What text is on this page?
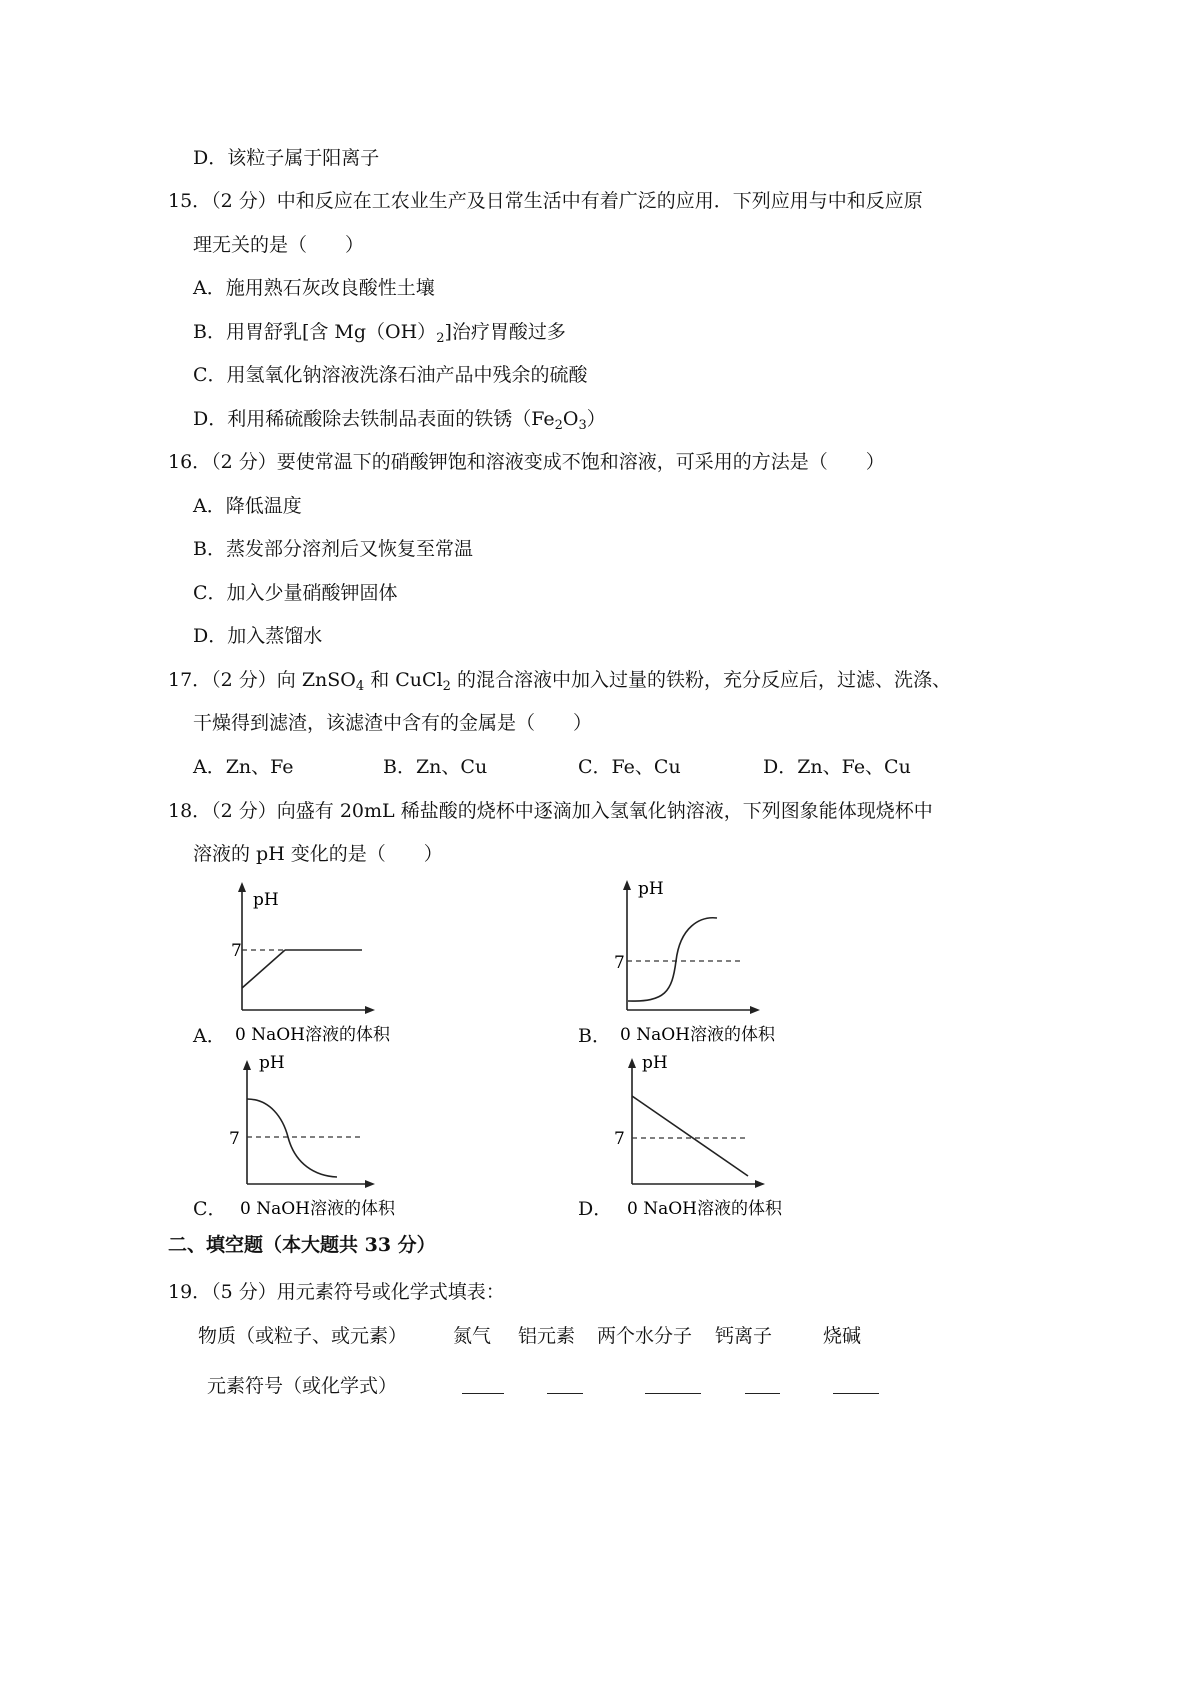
D．该粒子属于阳离子
15．（2 分）中和反应在工农业生产及日常生活中有着广泛的应用．下列应用与中和反应原
理无关的是（　　）
A．施用熟石灰改良酸性土壤
B．用胃舒乳[含 $Mg(OH)_2$]治疗胃酸过多
C．用氢氧化钠溶液洗涤石油产品中残余的硫酸
D．利用稀硫酸除去铁制品表面的铁锈$(Fe_2O_3)$
16．（2 分）要使常温下的硝酸钾饱和溶液变成不饱和溶液，可采用的方法是（　　）
A．降低温度
B．蒸发部分溶剂后又恢复至常温
C．加入少量硝酸钾固体
D．加入蒸馏水
17．（2 分）向 ZnSO$_4$ 和 CuCl$_2$ 的混合溶液中加入过量的铁粉，充分反应后，过滤、洗涤、
干燥得到滤渣，该滤渣中含有的金属是（　　）
A．Zn、Fe	B．Zn、Cu	C．Fe、Cu	D．Zn、Fe、Cu
18．（2 分）向盛有 20mL 稀盐酸的烧杯中逐滴加入氢氧化钠溶液，下列图象能体现烧杯中
溶液的 pH 变化的是（　　）
A．
pH
7
0 NaOH溶液的体积	B．
pH
7
0 NaOH溶液的体积
C．
pH
7
0 NaOH溶液的体积	D．
pH
7
0 NaOH溶液的体积
二、填空题（本大题共 33 分）
19．（5 分）用元素符号或化学式填表：
物质（或粒子、或元素） 氮气 铝元素 两个水分子 钙离子	烧碱
元素符号（或化学式）
